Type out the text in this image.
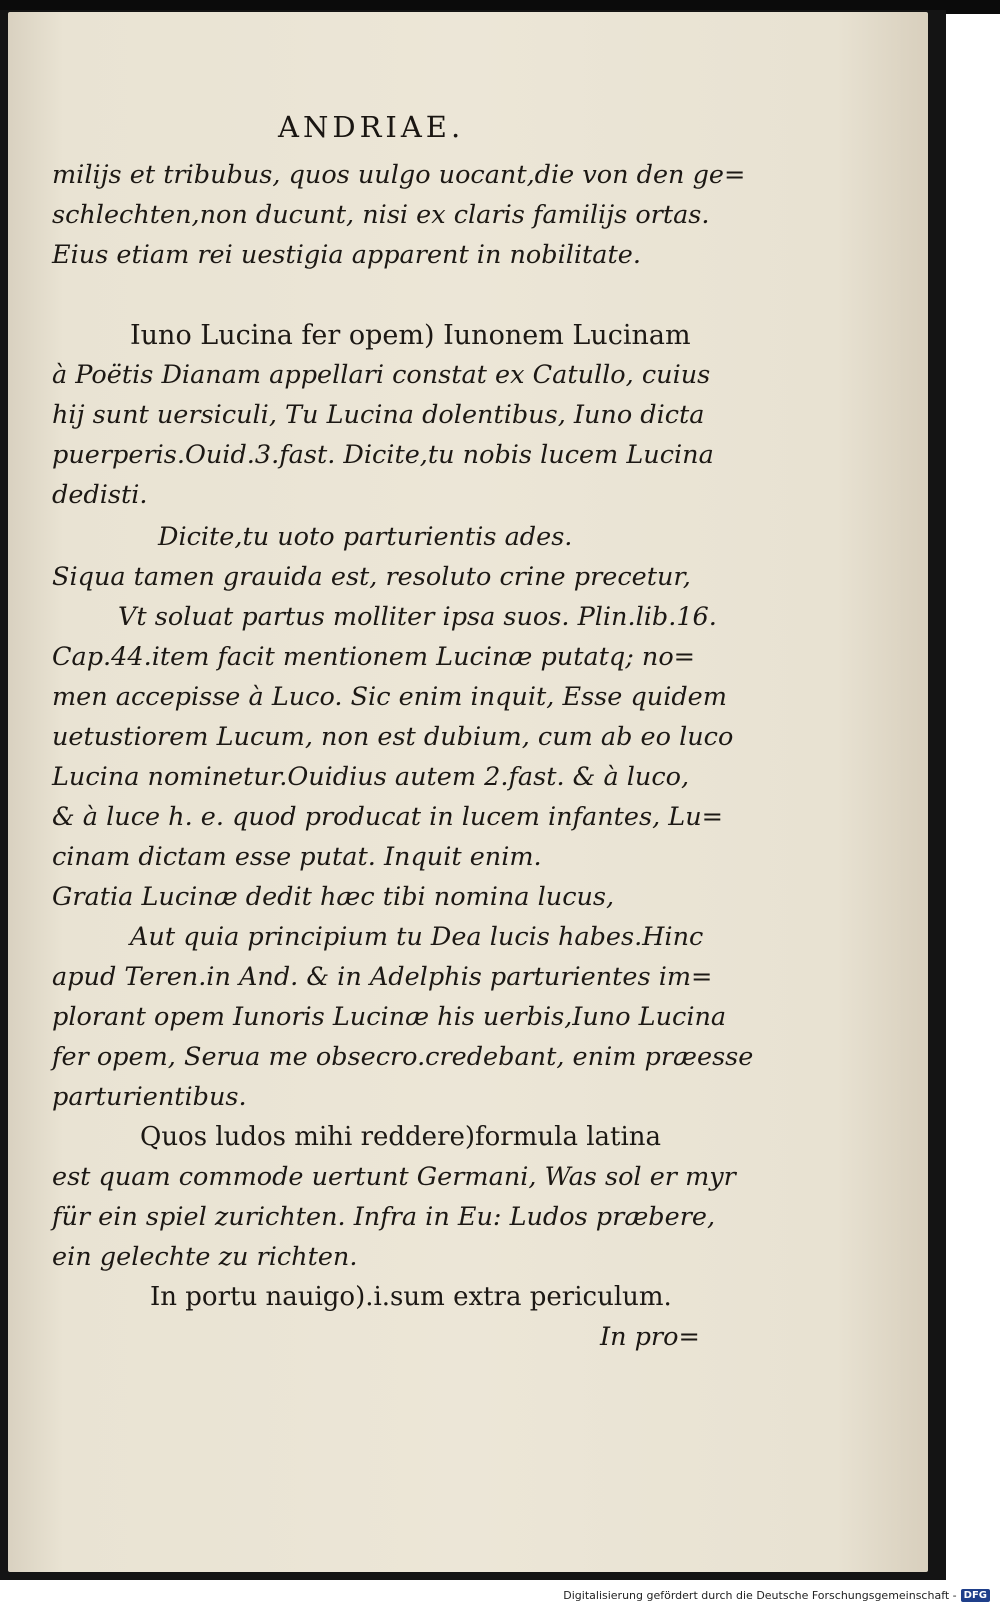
ANDRIAE.
milijs et tribubus, quos uulgo uocant,die von den ge=
schlechten,non ducunt, nisi ex claris familijs ortas.
Eius etiam rei uestigia apparent in nobilitate.
Iuno Lucina fer opem) Iunonem Lucinam
à Poëtis Dianam appellari constat ex Catullo, cuius
hij sunt uersiculi, Tu Lucina dolentibus, Iuno dicta
puerperis.Ouid.3.fast. Dicite,tu nobis lucem Lucina
dedisti.
Dicite,tu uoto parturientis ades.
Siqua tamen grauida est, resoluto crine precetur,
Vt soluat partus molliter ipsa suos. Plin.lib.16.
Cap.44.item facit mentionem Lucinæ putatq; no=
men accepisse à Luco. Sic enim inquit, Esse quidem
uetustiorem Lucum, non est dubium, cum ab eo luco
Lucina nominetur.Ouidius autem 2.fast. & à luco,
& à luce h. e. quod producat in lucem infantes, Lu=
cinam dictam esse putat. Inquit enim.
Gratia Lucinæ dedit hæc tibi nomina lucus,
Aut quia principium tu Dea lucis habes.Hinc
apud Teren.in And. & in Adelphis parturientes im=
plorant opem Iunoris Lucinæ his uerbis,Iuno Lucina
fer opem, Serua me obsecro.credebant, enim præesse
parturientibus.
Quos ludos mihi reddere)formula latina
est quam commode uertunt Germani, Was sol er myr
für ein spiel zurichten. Infra in Eu: Ludos præbere,
ein gelechte zu richten.
In portu nauigo).i.sum extra periculum.
In pro=
Digitalisierung gefördert durch die Deutsche Forschungsgemeinschaft - DFG
